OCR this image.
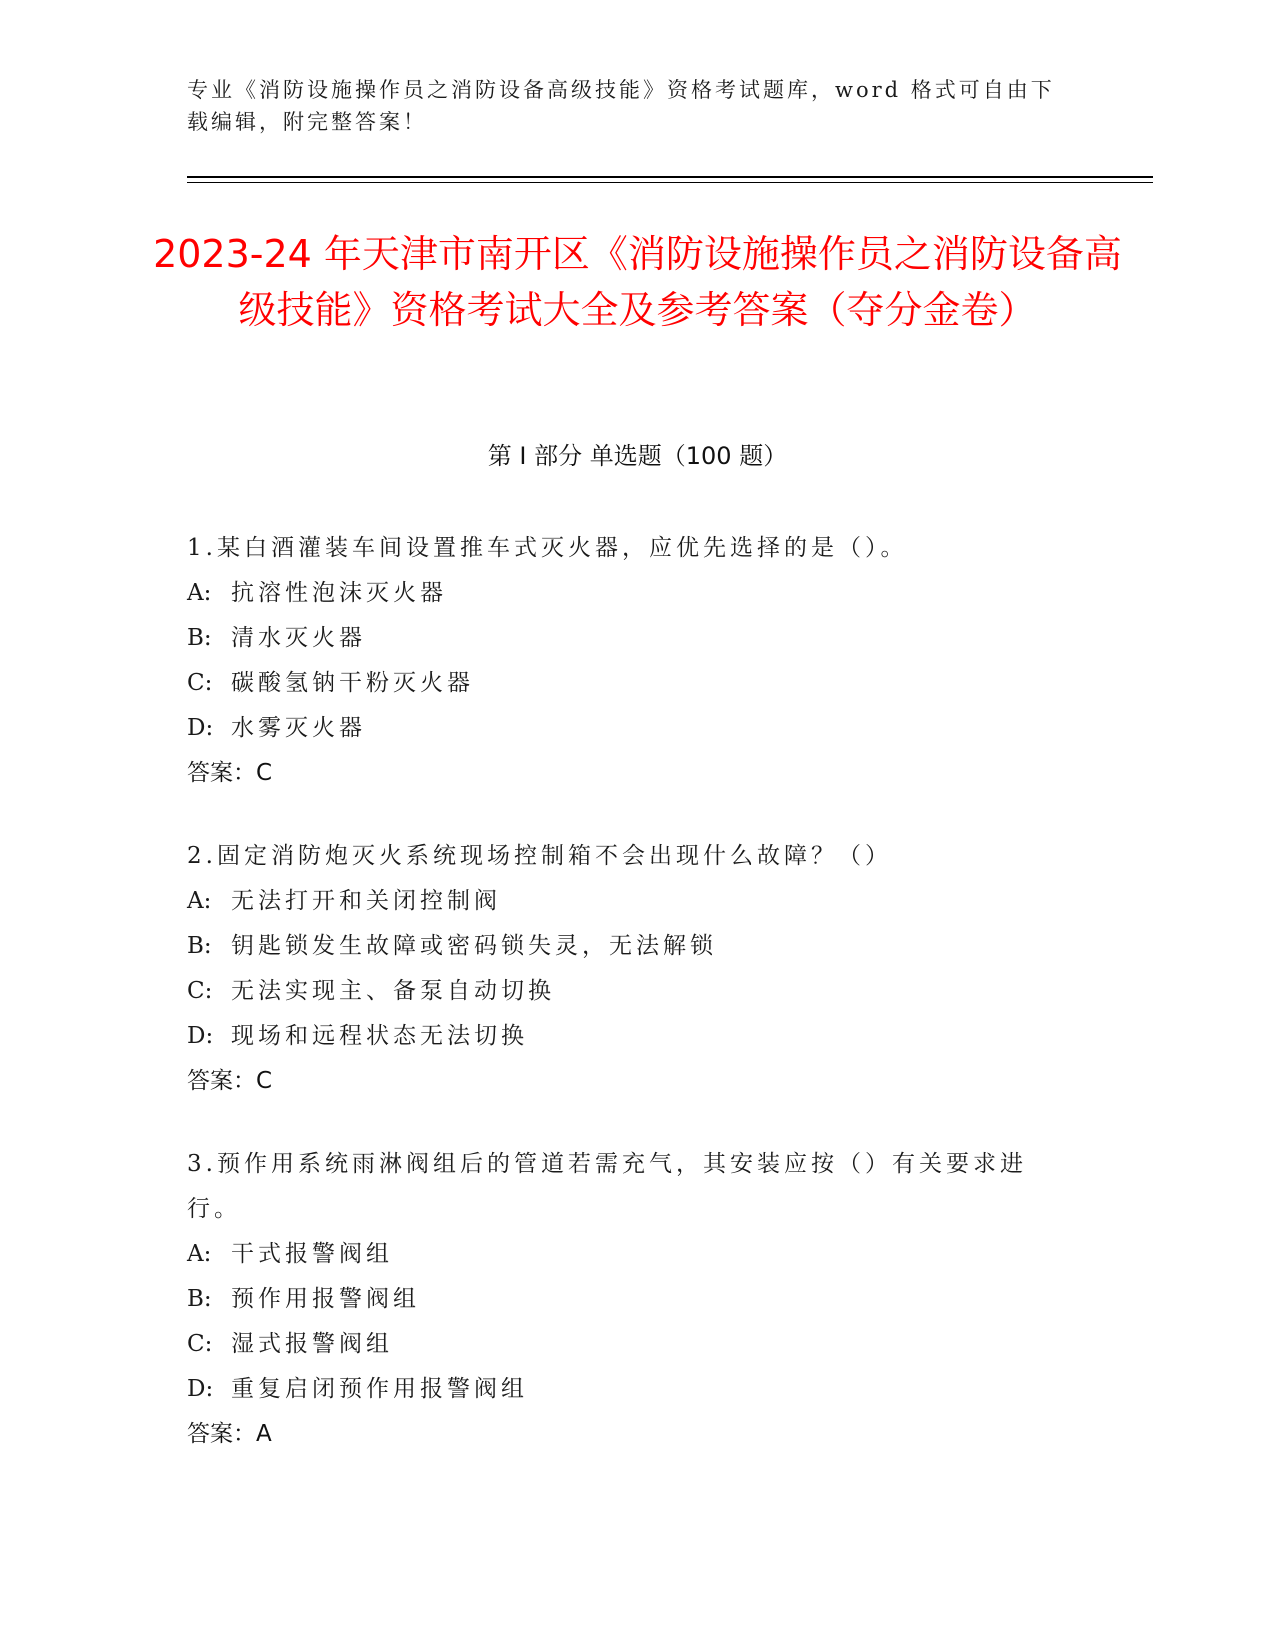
专业《消防设施操作员之消防设备高级技能》资格考试题库，word 格式可自由下载编辑，附完整答案！
2023-24 年天津市南开区《消防设施操作员之消防设备高级技能》资格考试大全及参考答案（夺分金卷）
第 I 部分 单选题（100 题）
1.某白酒灌装车间设置推车式灭火器，应优先选择的是（）。
A: 抗溶性泡沫灭火器
B: 清水灭火器
C: 碳酸氢钠干粉灭火器
D: 水雾灭火器
答案：C
2.固定消防炮灭火系统现场控制箱不会出现什么故障？（）
A: 无法打开和关闭控制阀
B: 钥匙锁发生故障或密码锁失灵，无法解锁
C: 无法实现主、备泵自动切换
D: 现场和远程状态无法切换
答案：C
3.预作用系统雨淋阀组后的管道若需充气，其安装应按（）有关要求进行。
A: 干式报警阀组
B: 预作用报警阀组
C: 湿式报警阀组
D: 重复启闭预作用报警阀组
答案：A
